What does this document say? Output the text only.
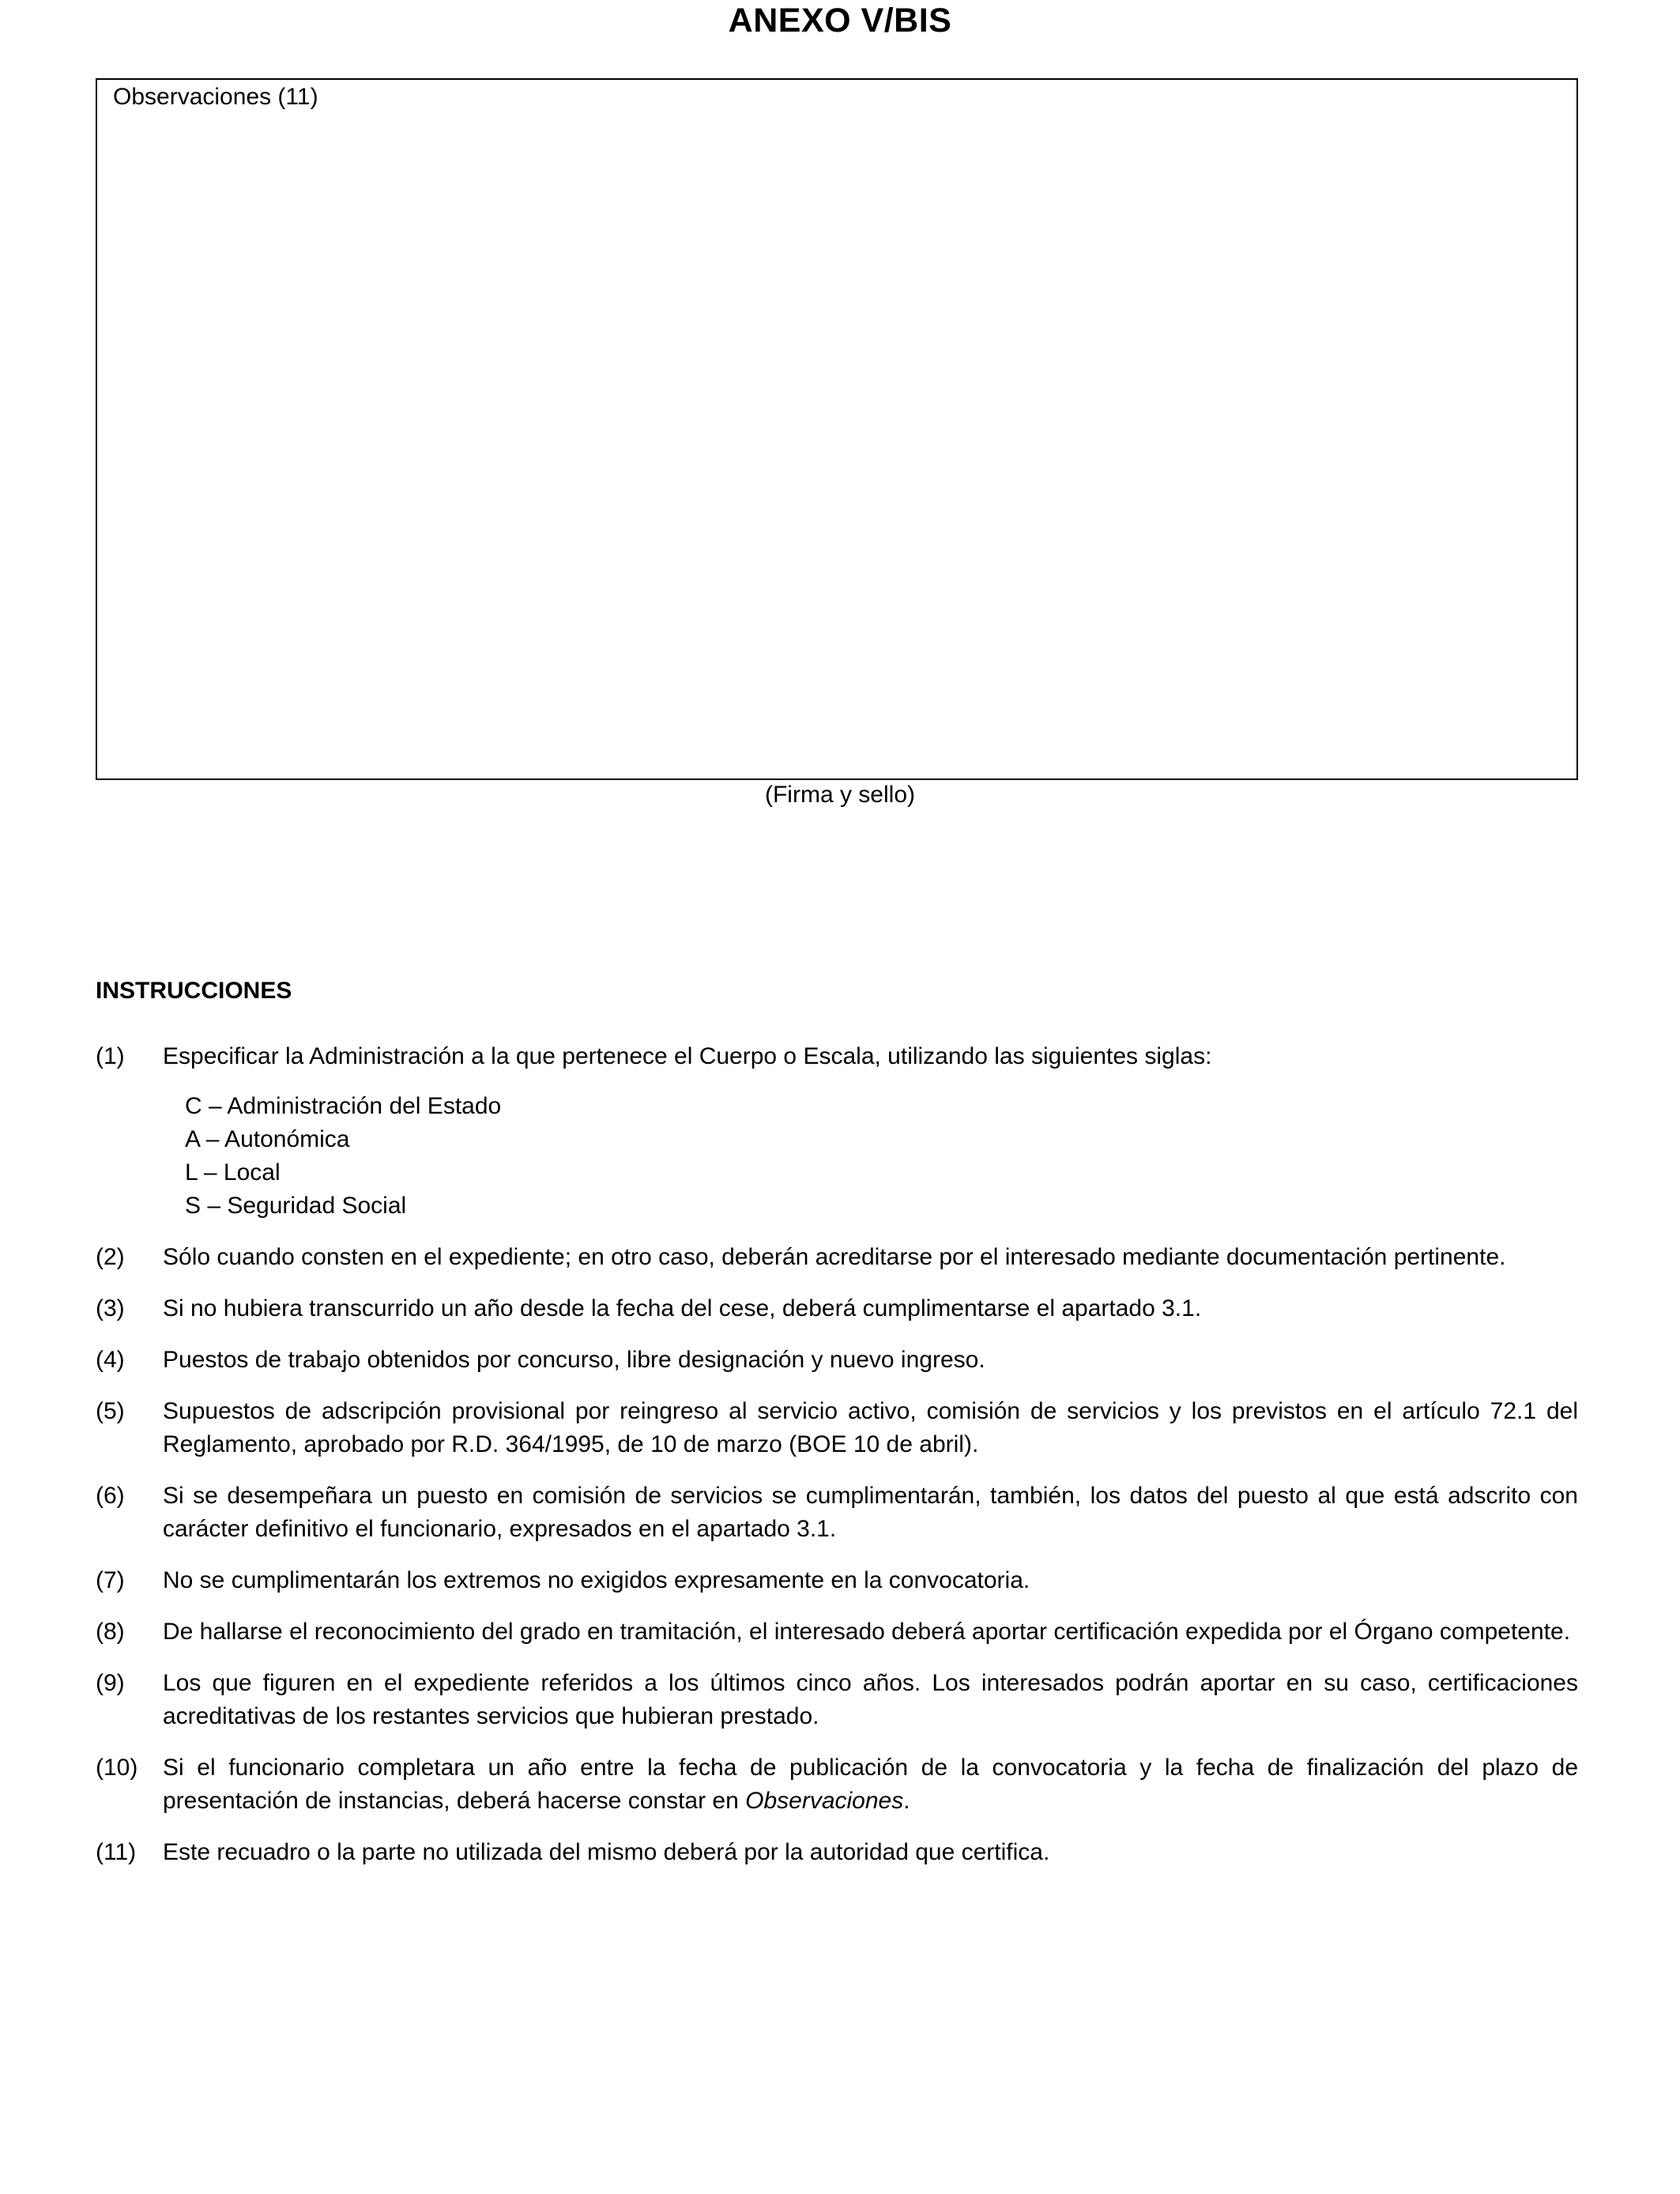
ANEXO V/BIS
Observaciones (11)
(Firma y sello)
INSTRUCCIONES
(1) Especificar la Administración a la que pertenece el Cuerpo o Escala, utilizando las siguientes siglas:
C – Administración del Estado
A – Autonómica
L – Local
S – Seguridad Social
(2) Sólo cuando consten en el expediente; en otro caso, deberán acreditarse por el interesado mediante documentación pertinente.
(3) Si no hubiera transcurrido un año desde la fecha del cese, deberá cumplimentarse el apartado 3.1.
(4) Puestos de trabajo obtenidos por concurso, libre designación y nuevo ingreso.
(5) Supuestos de adscripción provisional por reingreso al servicio activo, comisión de servicios y los previstos en el artículo 72.1 del Reglamento, aprobado por R.D. 364/1995, de 10 de marzo (BOE 10 de abril).
(6) Si se desempeñara un puesto en comisión de servicios se cumplimentarán, también, los datos del puesto al que está adscrito con carácter definitivo el funcionario, expresados en el apartado 3.1.
(7) No se cumplimentarán los extremos no exigidos expresamente en la convocatoria.
(8) De hallarse el reconocimiento del grado en tramitación, el interesado deberá aportar certificación expedida por el Órgano competente.
(9) Los que figuren en el expediente referidos a los últimos cinco años. Los interesados podrán aportar en su caso, certificaciones acreditativas de los restantes servicios que hubieran prestado.
(10) Si el funcionario completara un año entre la fecha de publicación de la convocatoria y la fecha de finalización del plazo de presentación de instancias, deberá hacerse constar en Observaciones.
(11) Este recuadro o la parte no utilizada del mismo deberá por la autoridad que certifica.
